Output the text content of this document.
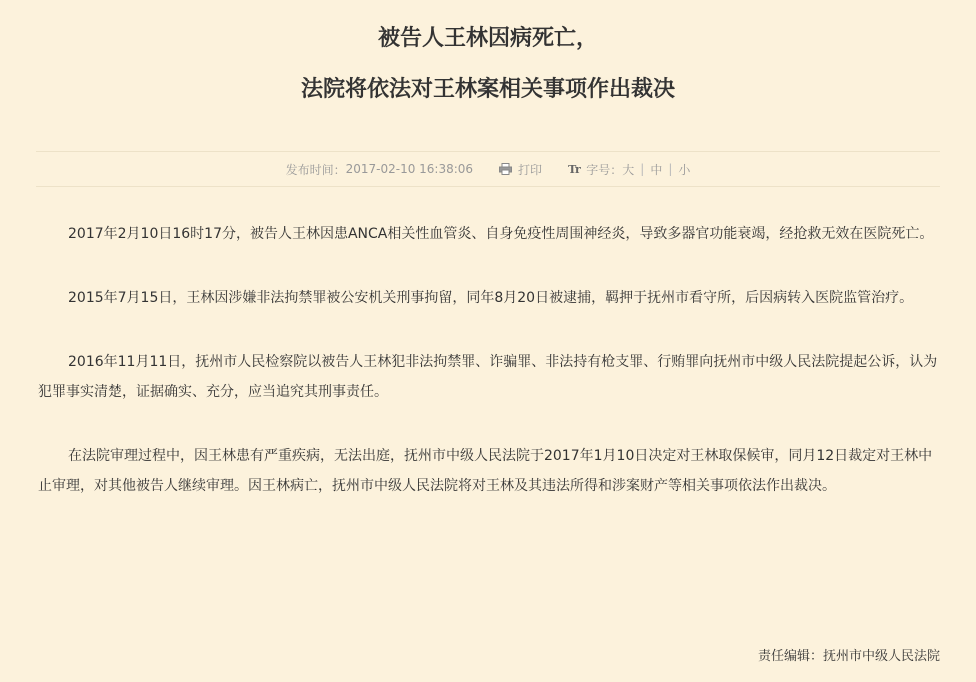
被告人王林因病死亡，
法院将依法对王林案相关事项作出裁决
发布时间： 2017-02-10 16:38:06	打印 Tr 字号： 大 | 中 | 小

2017年2月10日16时17分，被告人王林因患ANCA相关性血管炎、自身免疫性周围神经炎，导致多器官功能衰竭，经抢救无效在医院死亡。

2015年7月15日，王林因涉嫌非法拘禁罪被公安机关刑事拘留，同年8月20日被逮捕，羁押于抚州市看守所，后因病转入医院监管治疗。

2016年11月11日，抚州市人民检察院以被告人王林犯非法拘禁罪、诈骗罪、非法持有枪支罪、行贿罪向抚州市中级人民法院提起公诉，认为犯罪事实清楚，证据确实、充分，应当追究其刑事责任。

在法院审理过程中，因王林患有严重疾病，无法出庭，抚州市中级人民法院于2017年1月10日决定对王林取保候审，同月12日裁定对王林中止审理，对其他被告人继续审理。因王林病亡，抚州市中级人民法院将对王林及其违法所得和涉案财产等相关事项依法作出裁决。

责任编辑：抚州市中级人民法院
